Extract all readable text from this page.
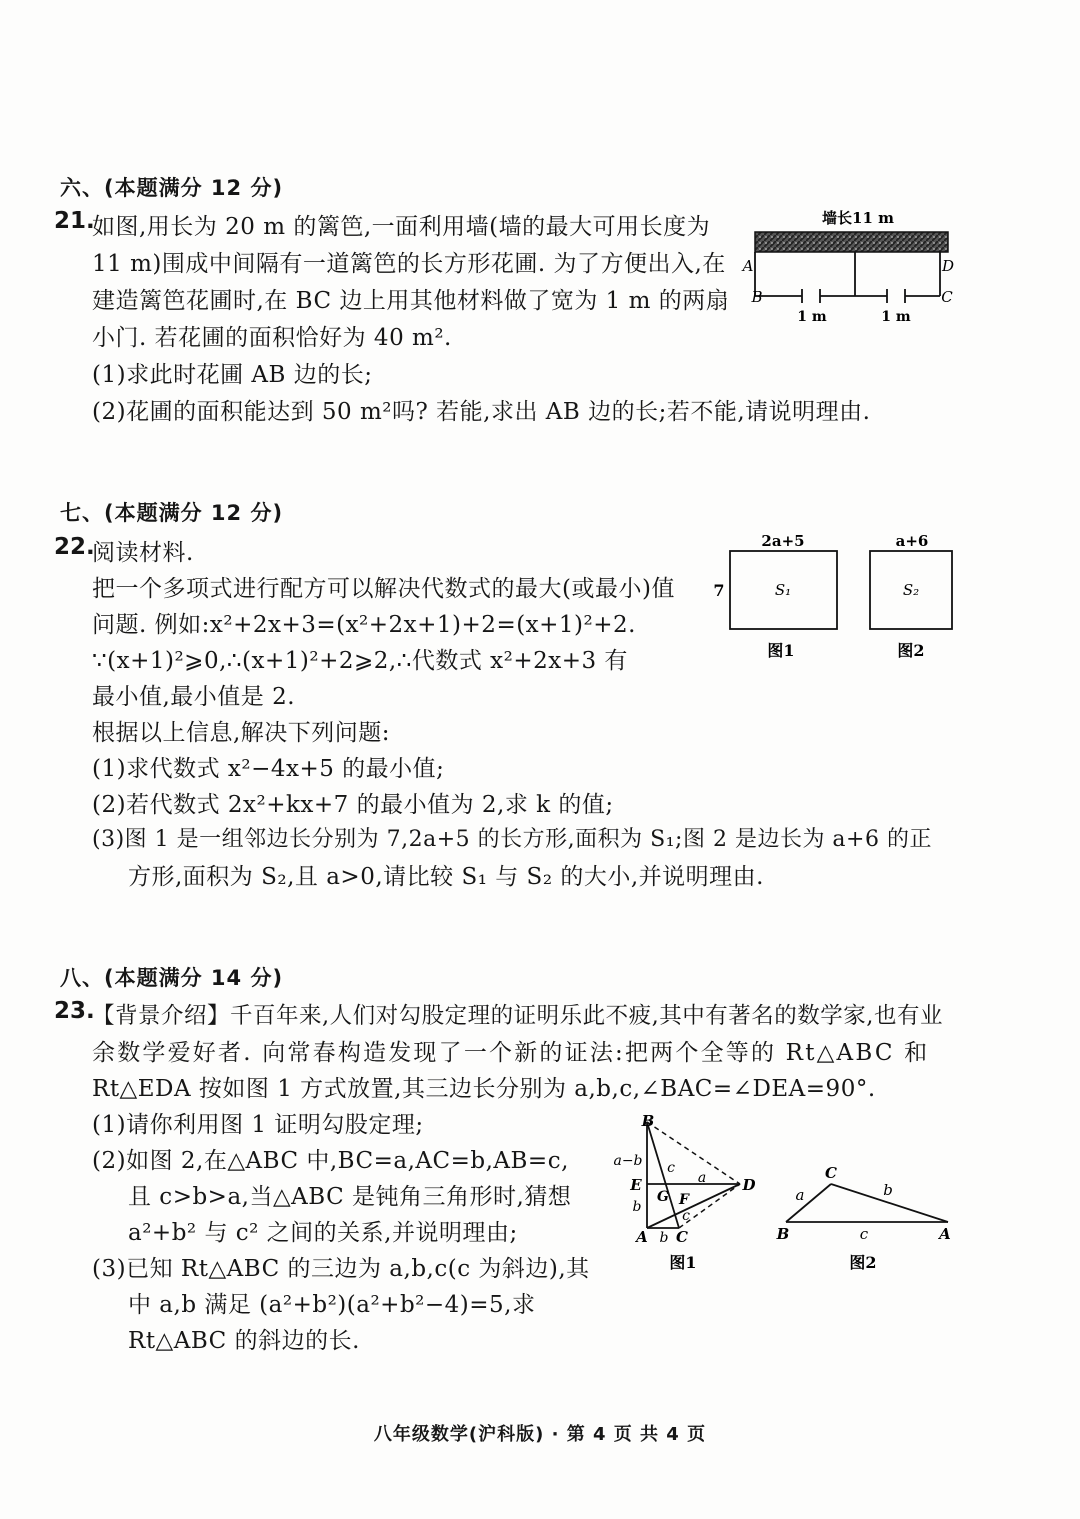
六、(本题满分 12 分)
21.
如图,用长为 20 m 的篱笆,一面利用墙(墙的最大可用长度为
11 m)围成中间隔有一道篱笆的长方形花圃. 为了方便出入,在
建造篱笆花圃时,在 BC 边上用其他材料做了宽为 1 m 的两扇
小门. 若花圃的面积恰好为 40 m².
(1)求此时花圃 AB 边的长;
(2)花圃的面积能达到 50 m²吗? 若能,求出 AB 边的长;若不能,请说明理由.
墙长11 m
A	D
B	C
1 m	1 m
七、(本题满分 12 分)
22.
阅读材料.
把一个多项式进行配方可以解决代数式的最大(或最小)值
问题. 例如:x²+2x+3=(x²+2x+1)+2=(x+1)²+2.
∵(x+1)²⩾0,∴(x+1)²+2⩾2,∴代数式 x²+2x+3 有
最小值,最小值是 2.
根据以上信息,解决下列问题:
(1)求代数式 x²−4x+5 的最小值;
(2)若代数式 2x²+kx+7 的最小值为 2,求 k 的值;
(3)图 1 是一组邻边长分别为 7,2a+5 的长方形,面积为 S₁;图 2 是边长为 a+6 的正
方形,面积为 S₂,且 a>0,请比较 S₁ 与 S₂ 的大小,并说明理由.
2a+5
7	S₁
图1
a+6
S₂
图2
八、(本题满分 14 分)
23.
【背景介绍】千百年来,人们对勾股定理的证明乐此不疲,其中有著名的数学家,也有业
余数学爱好者. 向常春构造发现了一个新的证法:把两个全等的 Rt△ABC 和
Rt△EDA 按如图 1 方式放置,其三边长分别为 a,b,c,∠BAC=∠DEA=90°.
(1)请你利用图 1 证明勾股定理;
(2)如图 2,在△ABC 中,BC=a,AC=b,AB=c,
且 c>b>a,当△ABC 是钝角三角形时,猜想
a²+b² 与 c² 之间的关系,并说明理由;
(3)已知 Rt△ABC 的三边为 a,b,c(c 为斜边),其
中 a,b 满足 (a²+b²)(a²+b²−4)=5,求
Rt△ABC 的斜边的长.
B
E
A C
D
G F
a−b
b
b
c
c
a
图1
C
B	A
a	b
c
图2
八年级数学(沪科版) · 第 4 页 共 4 页
